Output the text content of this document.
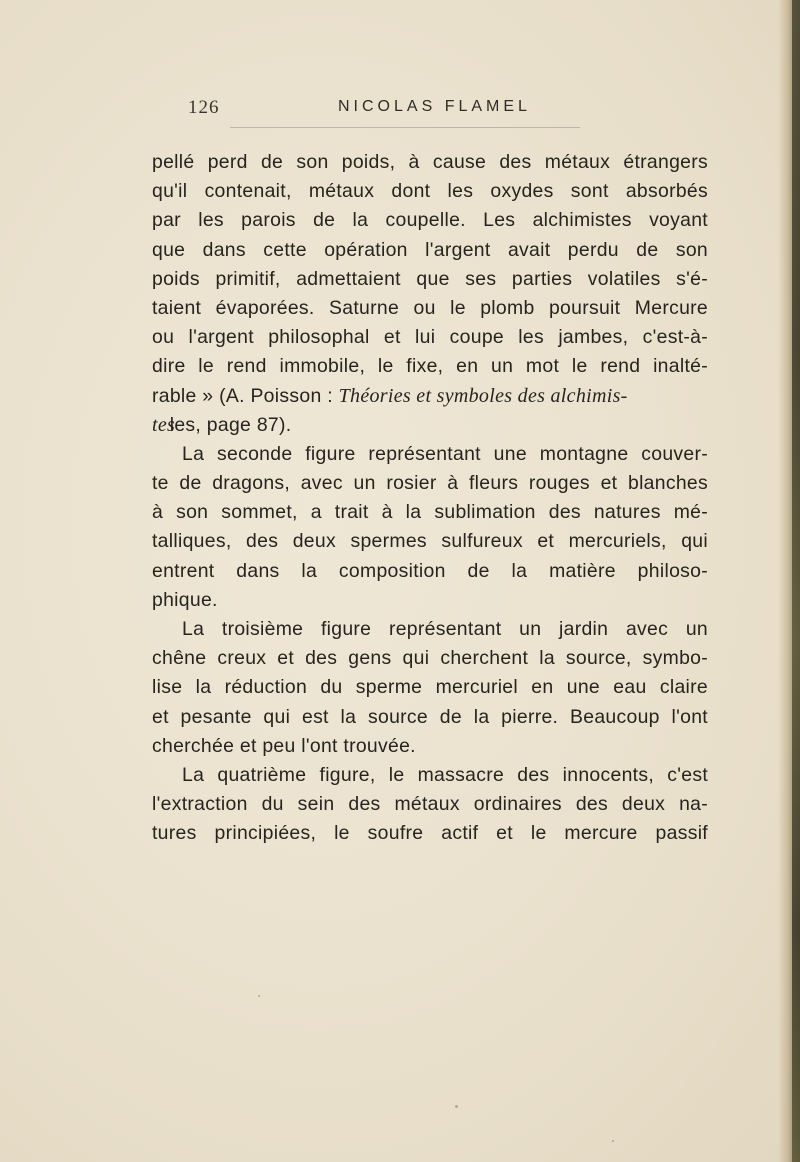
126	NICOLAS FLAMEL
pellé perd de son poids, à cause des métaux étrangers
qu'il contenait, métaux dont les oxydes sont absorbés
par les parois de la coupelle. Les alchimistes voyant
que dans cette opération l'argent avait perdu de son
poids primitif, admettaient que ses parties volatiles s'é-
taient évaporées. Saturne ou le plomb poursuit Mercure
ou l'argent philosophal et lui coupe les jambes, c'est-à-
dire le rend immobile, le fixe, en un mot le rend inalté-
rable » (A. Poisson : Théories et symboles des alchimis-
tesles, page 87).
La seconde figure représentant une montagne couver-
te de dragons, avec un rosier à fleurs rouges et blanches
à son sommet, a trait à la sublimation des natures mé-
talliques, des deux spermes sulfureux et mercuriels, qui
entrent dans la composition de la matière philoso-
phique.
La troisième figure représentant un jardin avec un
chêne creux et des gens qui cherchent la source, symbo-
lise la réduction du sperme mercuriel en une eau claire
et pesante qui est la source de la pierre. Beaucoup l'ont
cherchée et peu l'ont trouvée.
La quatrième figure, le massacre des innocents, c'est
l'extraction du sein des métaux ordinaires des deux na-
tures principiées, le soufre actif et le mercure passif
